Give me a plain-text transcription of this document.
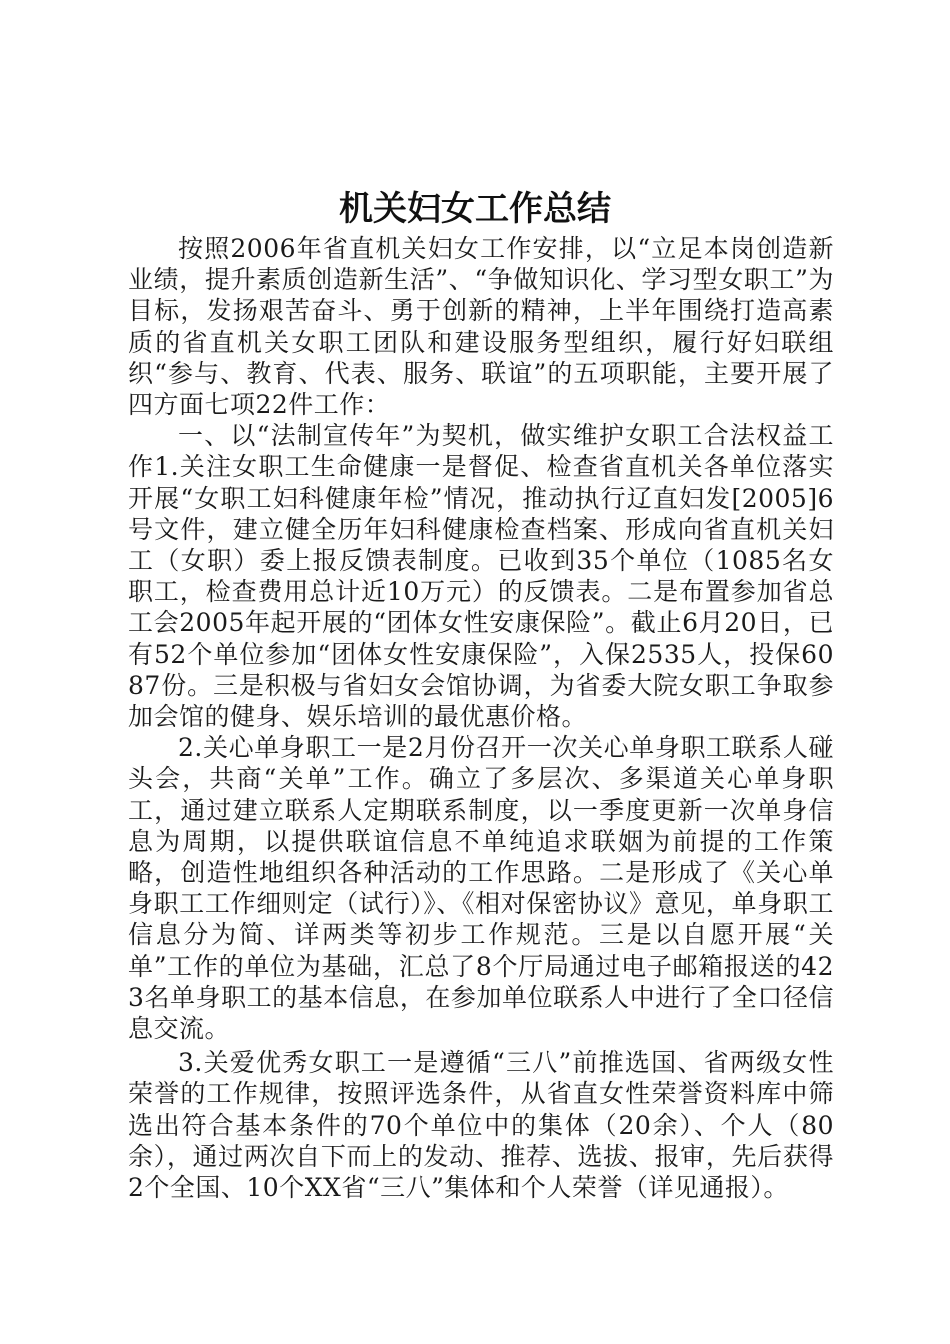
机关妇女工作总结

按照2006年省直机关妇女工作安排，以“立足本岗创造新业绩，提升素质创造新生活”、“争做知识化、学习型女职工”为目标，发扬艰苦奋斗、勇于创新的精神，上半年围绕打造高素质的省直机关女职工团队和建设服务型组织，履行好妇联组织“参与、教育、代表、服务、联谊”的五项职能，主要开展了四方面七项22件工作：

一、以“法制宣传年”为契机，做实维护女职工合法权益工作1.关注女职工生命健康一是督促、检查省直机关各单位落实开展“女职工妇科健康年检”情况，推动执行辽直妇发[2005]6号文件，建立健全历年妇科健康检查档案、形成向省直机关妇工（女职）委上报反馈表制度。已收到35个单位（1085名女职工，检查费用总计近10万元）的反馈表。二是布置参加省总工会2005年起开展的“团体女性安康保险”。截止6月20日，已有52个单位参加“团体女性安康保险”，入保2535人，投保6087份。三是积极与省妇女会馆协调，为省委大院女职工争取参加会馆的健身、娱乐培训的最优惠价格。

2.关心单身职工一是2月份召开一次关心单身职工联系人碰头会，共商“关单”工作。确立了多层次、多渠道关心单身职工，通过建立联系人定期联系制度，以一季度更新一次单身信息为周期，以提供联谊信息不单纯追求联姻为前提的工作策略，创造性地组织各种活动的工作思路。二是形成了《关心单身职工工作细则定（试行）》、《相对保密协议》意见，单身职工信息分为简、详两类等初步工作规范。三是以自愿开展“关单”工作的单位为基础，汇总了8个厅局通过电子邮箱报送的423名单身职工的基本信息，在参加单位联系人中进行了全口径信息交流。

3.关爱优秀女职工一是遵循“三八”前推选国、省两级女性荣誉的工作规律，按照评选条件，从省直女性荣誉资料库中筛选出符合基本条件的70个单位中的集体（20余）、个人（80余），通过两次自下而上的发动、推荐、选拔、报审，先后获得2个全国、10个XX省“三八”集体和个人荣誉（详见通报）。
